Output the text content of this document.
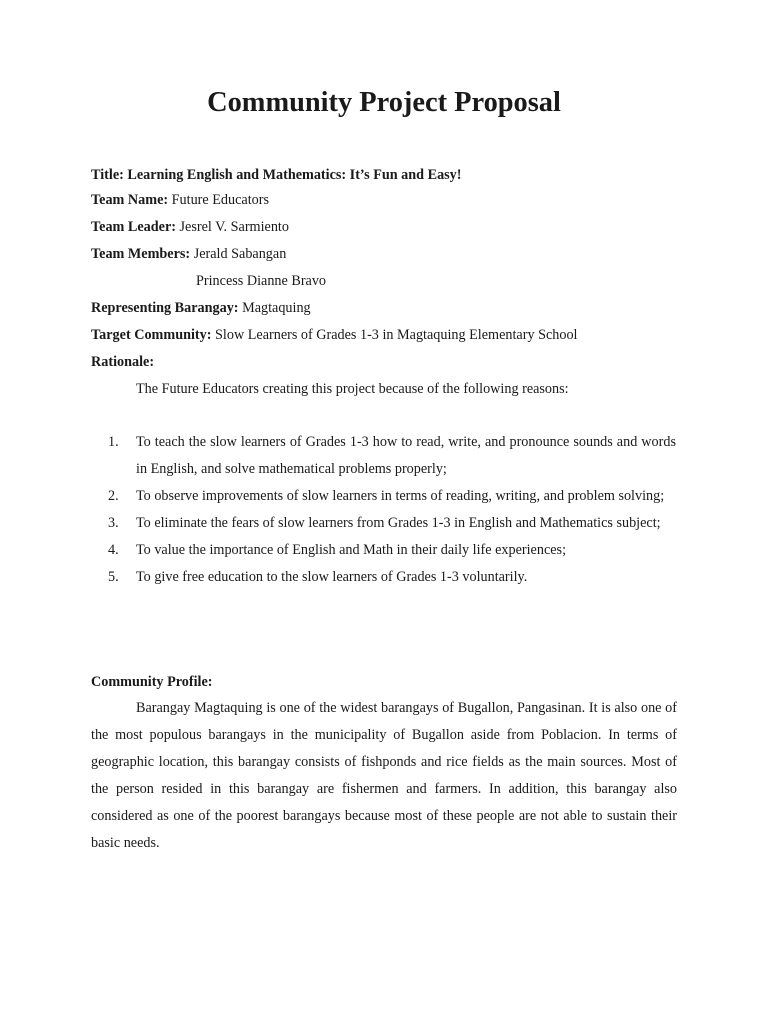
Community Project Proposal
Title: Learning English and Mathematics: It’s Fun and Easy!
Team Name: Future Educators
Team Leader: Jesrel V. Sarmiento
Team Members: Jerald Sabangan
Princess Dianne Bravo
Representing Barangay: Magtaquing
Target Community: Slow Learners of Grades 1-3 in Magtaquing Elementary School
Rationale:
The Future Educators creating this project because of the following reasons:
1. To teach the slow learners of Grades 1-3 how to read, write, and pronounce sounds and words in English, and solve mathematical problems properly;
2. To observe improvements of slow learners in terms of reading, writing, and problem solving;
3. To eliminate the fears of slow learners from Grades 1-3 in English and Mathematics subject;
4. To value the importance of English and Math in their daily life experiences;
5. To give free education to the slow learners of Grades 1-3 voluntarily.
Community Profile:

Barangay Magtaquing is one of the widest barangays of Bugallon, Pangasinan. It is also one of the most populous barangays in the municipality of Bugallon aside from Poblacion. In terms of geographic location, this barangay consists of fishponds and rice fields as the main sources. Most of the person resided in this barangay are fishermen and farmers. In addition, this barangay also considered as one of the poorest barangays because most of these people are not able to sustain their basic needs.
